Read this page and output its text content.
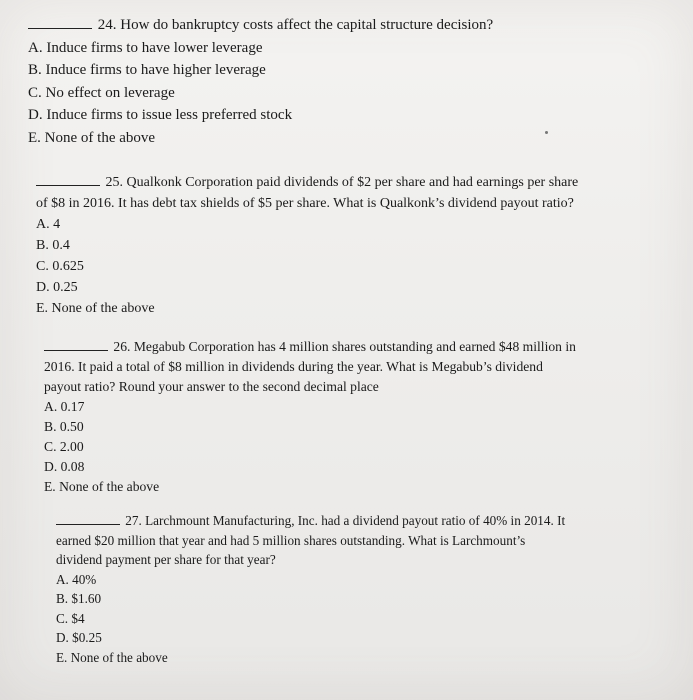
24. How do bankruptcy costs affect the capital structure decision?

A. Induce firms to have lower leverage

B. Induce firms to have higher leverage

C. No effect on leverage

D. Induce firms to issue less preferred stock

E. None of the above

25. Qualkonk Corporation paid dividends of $2 per share and had earnings per share

of $8 in 2016. It has debt tax shields of $5 per share. What is Qualkonk’s dividend payout ratio?

A. 4

B. 0.4

C. 0.625

D. 0.25

E. None of the above

26. Megabub Corporation has 4 million shares outstanding and earned $48 million in

2016. It paid a total of $8 million in dividends during the year. What is Megabub’s dividend

payout ratio? Round your answer to the second decimal place

A. 0.17

B. 0.50

C. 2.00

D. 0.08

E. None of the above

27. Larchmount Manufacturing, Inc. had a dividend payout ratio of 40% in 2014. It

earned $20 million that year and had 5 million shares outstanding. What is Larchmount’s

dividend payment per share for that year?

A. 40%

B. $1.60

C. $4

D. $0.25

E. None of the above
